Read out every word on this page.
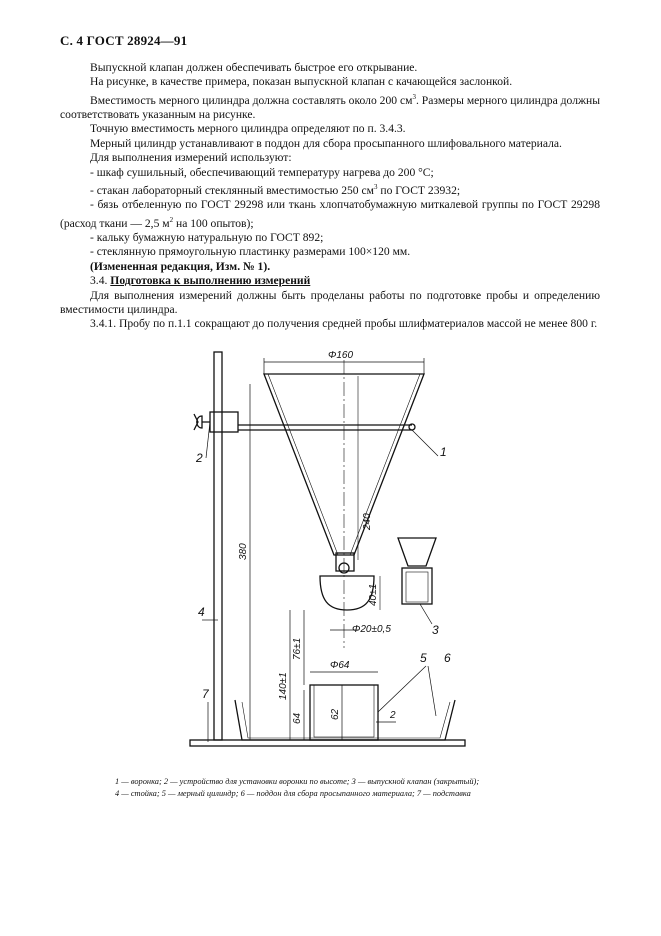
С. 4 ГОСТ 28924—91

Выпускной клапан должен обеспечивать быстрое его открывание.

На рисунке, в качестве примера, показан выпускной клапан с качающейся заслонкой.

Вместимость мерного цилиндра должна составлять около 200 $см^3$. Размеры мерного цилиндра должны соответствовать указанным на рисунке.

Точную вместимость мерного цилиндра определяют по п. 3.4.3.

Мерный цилиндр устанавливают в поддон для сбора просыпанного шлифовального материала.

Для выполнения измерений используют:

- шкаф сушильный, обеспечивающий температуру нагрева до 200 °С;

- стакан лабораторный стеклянный вместимостью 250 $см^3$ по ГОСТ 23932;

- бязь отбеленную по ГОСТ 29298 или ткань хлопчатобумажную миткалевой группы по ГОСТ 29298 (расход ткани — 2,5 $м^2$ на 100 опытов);

- кальку бумажную натуральную по ГОСТ 892;

- стеклянную прямоугольную пластинку размерами 100×120 мм.

(Измененная редакция, Изм. № 1).

3.4. Подготовка к выполнению измерений

Для выполнения измерений должны быть проделаны работы по подготовке пробы и определению вместимости цилиндра.

3.4.1. Пробу по п.1.1 сокращают до получения средней пробы шлифматериалов массой не менее 800 г.

Φ160
240
380
40±1
Φ20±0,5
76±1
140±1
Φ64
64	62	2
1
2
3
4
5 6
7
1 — воронка; 2 — устройство для установки воронки по высоте; 3 — выпускной клапан (закрытый);
4 — стойка; 5 — мерный цилиндр; 6 — поддон для сбора просыпанного материала; 7 — подставка
